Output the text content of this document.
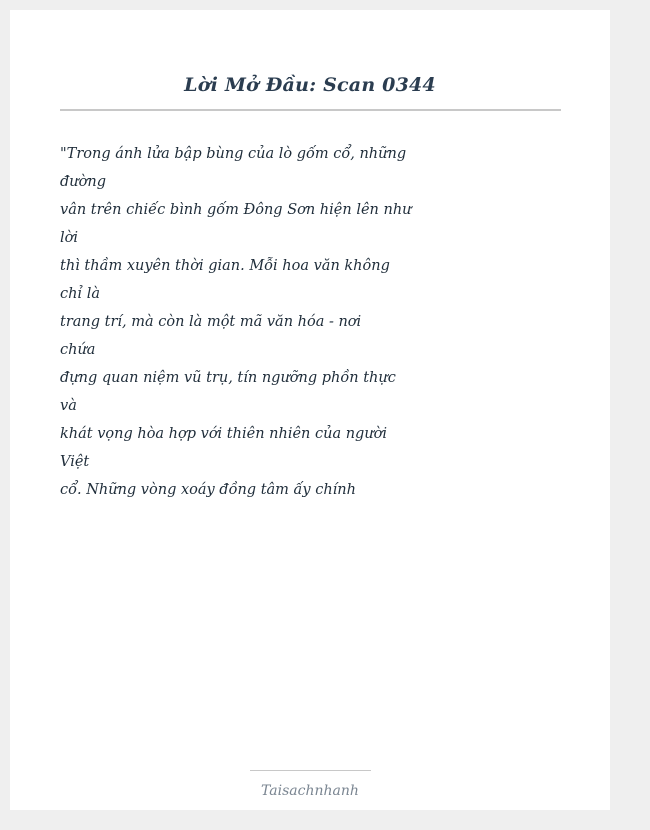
Lời Mở Đầu: Scan 0344
"Trong ánh lửa bập bùng của lò gốm cổ, những
đường
vân trên chiếc bình gốm Đông Sơn hiện lên như
lời
thì thầm xuyên thời gian. Mỗi hoa văn không
chỉ là
trang trí, mà còn là một mã văn hóa - nơi
chứa
đựng quan niệm vũ trụ, tín ngưỡng phồn thực
và
khát vọng hòa hợp với thiên nhiên của người
Việt
cổ. Những vòng xoáy đồng tâm ấy chính
Taisachnhanh
